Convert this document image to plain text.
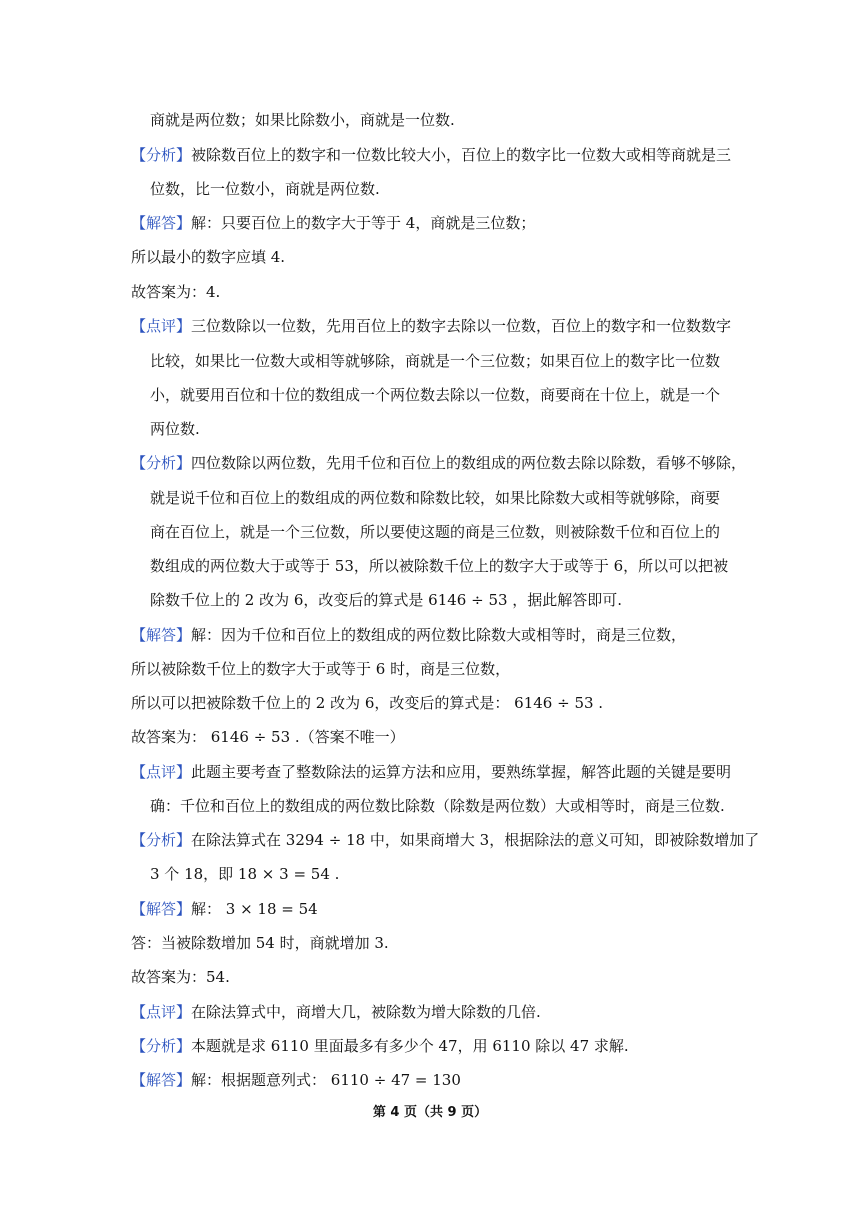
商就是两位数；如果比除数小，商就是一位数.
【分析】被除数百位上的数字和一位数比较大小，百位上的数字比一位数大或相等商就是三
位数，比一位数小，商就是两位数.
【解答】解：只要百位上的数字大于等于 4，商就是三位数；
所以最小的数字应填 4.
故答案为：4.
【点评】三位数除以一位数，先用百位上的数字去除以一位数，百位上的数字和一位数数字
比较，如果比一位数大或相等就够除，商就是一个三位数；如果百位上的数字比一位数
小，就要用百位和十位的数组成一个两位数去除以一位数，商要商在十位上，就是一个
两位数.
【分析】四位数除以两位数，先用千位和百位上的数组成的两位数去除以除数，看够不够除，
就是说千位和百位上的数组成的两位数和除数比较，如果比除数大或相等就够除，商要
商在百位上，就是一个三位数，所以要使这题的商是三位数，则被除数千位和百位上的
数组成的两位数大于或等于 53，所以被除数千位上的数字大于或等于 6，所以可以把被
除数千位上的 2 改为 6，改变后的算式是 6146 ÷ 53 ，据此解答即可.
【解答】解：因为千位和百位上的数组成的两位数比除数大或相等时，商是三位数，
所以被除数千位上的数字大于或等于 6 时，商是三位数，
所以可以把被除数千位上的 2 改为 6，改变后的算式是： 6146 ÷ 53 .
故答案为： 6146 ÷ 53 .（答案不唯一）
【点评】此题主要考查了整数除法的运算方法和应用，要熟练掌握，解答此题的关键是要明
确：千位和百位上的数组成的两位数比除数（除数是两位数）大或相等时，商是三位数.
【分析】在除法算式在 3294 ÷ 18 中，如果商增大 3，根据除法的意义可知，即被除数增加了
3 个 18，即 18 × 3 = 54 .
【解答】解： 3 × 18 = 54
答：当被除数增加 54 时，商就增加 3.
故答案为：54.
【点评】在除法算式中，商增大几，被除数为增大除数的几倍.
【分析】本题就是求 6110 里面最多有多少个 47，用 6110 除以 47 求解.
【解答】解：根据题意列式： 6110 ÷ 47 = 130
第 4 页（共 9 页）
